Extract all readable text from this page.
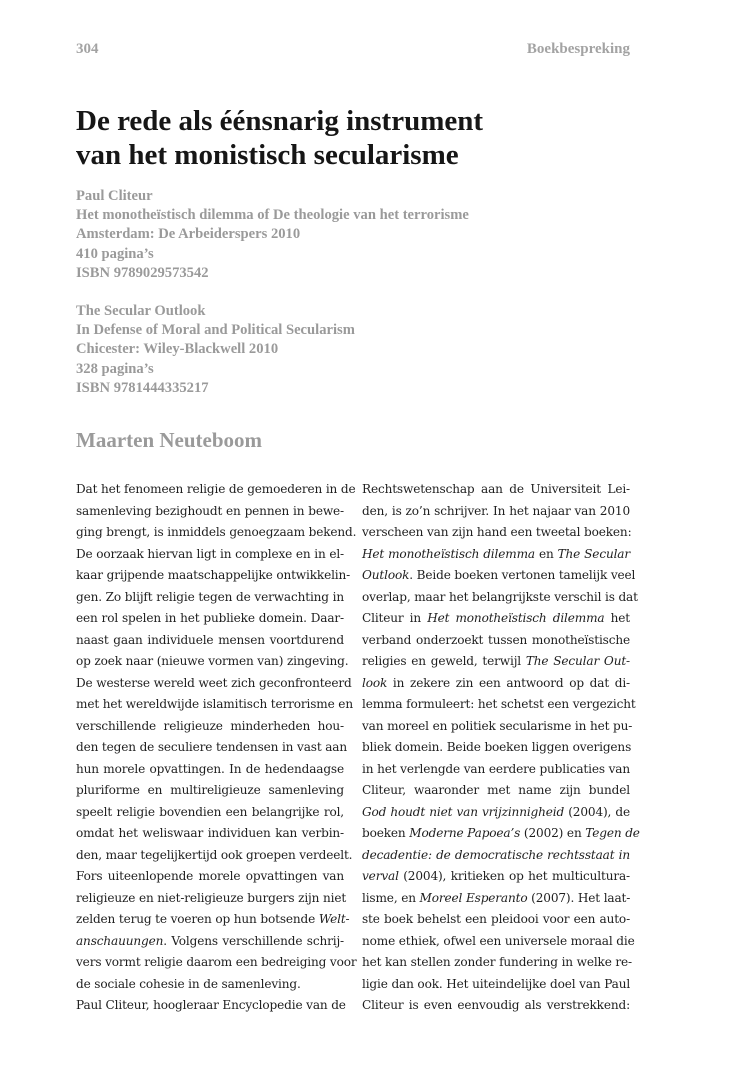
304	Boekbespreking
De rede als éénsnarig instrument
van het monistisch secularisme
Paul Cliteur
Het monotheïstisch dilemma of De theologie van het terrorisme
Amsterdam: De Arbeiderspers 2010
410 pagina’s
ISBN 9789029573542
The Secular Outlook
In Defense of Moral and Political Secularism
Chicester: Wiley-Blackwell 2010
328 pagina’s
ISBN 9781444335217
Maarten Neuteboom
Dat het fenomeen religie de gemoederen in de
samenleving bezighoudt en pennen in bewe-
ging brengt, is inmiddels genoegzaam bekend.
De oorzaak hiervan ligt in complexe en in el-
kaar grijpende maatschappelijke ontwikkelin-
gen. Zo blijft religie tegen de verwachting in
een rol spelen in het publieke domein. Daar-
naast gaan individuele mensen voortdurend
op zoek naar (nieuwe vormen van) zingeving.
De westerse wereld weet zich geconfronteerd
met het wereldwijde islamitisch terrorisme en
verschillende religieuze minderheden hou-
den tegen de seculiere tendensen in vast aan
hun morele opvattingen. In de hedendaagse
pluriforme en multireligieuze samenleving
speelt religie bovendien een belangrijke rol,
omdat het weliswaar individuen kan verbin-
den, maar tegelijkertijd ook groepen verdeelt.
Fors uiteenlopende morele opvattingen van
religieuze en niet-religieuze burgers zijn niet
zelden terug te voeren op hun botsende Welt-
anschauungen. Volgens verschillende schrij-
vers vormt religie daarom een bedreiging voor
de sociale cohesie in de samenleving.
Paul Cliteur, hoogleraar Encyclopedie van de
Rechtswetenschap aan de Universiteit Lei-
den, is zo’n schrijver. In het najaar van 2010
verscheen van zijn hand een tweetal boeken:
Het monotheïstisch dilemma en The Secular
Outlook. Beide boeken vertonen tamelijk veel
overlap, maar het belangrijkste verschil is dat
Cliteur in Het monotheïstisch dilemma het
verband onderzoekt tussen monotheïstische
religies en geweld, terwijl The Secular Out-
look in zekere zin een antwoord op dat di-
lemma formuleert: het schetst een vergezicht
van moreel en politiek secularisme in het pu-
bliek domein. Beide boeken liggen overigens
in het verlengde van eerdere publicaties van
Cliteur, waaronder met name zijn bundel
God houdt niet van vrijzinnigheid (2004), de
boeken Moderne Papoea’s (2002) en Tegen de
decadentie: de democratische rechtsstaat in
verval (2004), kritieken op het multicultura-
lisme, en Moreel Esperanto (2007). Het laat-
ste boek behelst een pleidooi voor een auto-
nome ethiek, ofwel een universele moraal die
het kan stellen zonder fundering in welke re-
ligie dan ook. Het uiteindelijke doel van Paul
Cliteur is even eenvoudig als verstrekkend:
